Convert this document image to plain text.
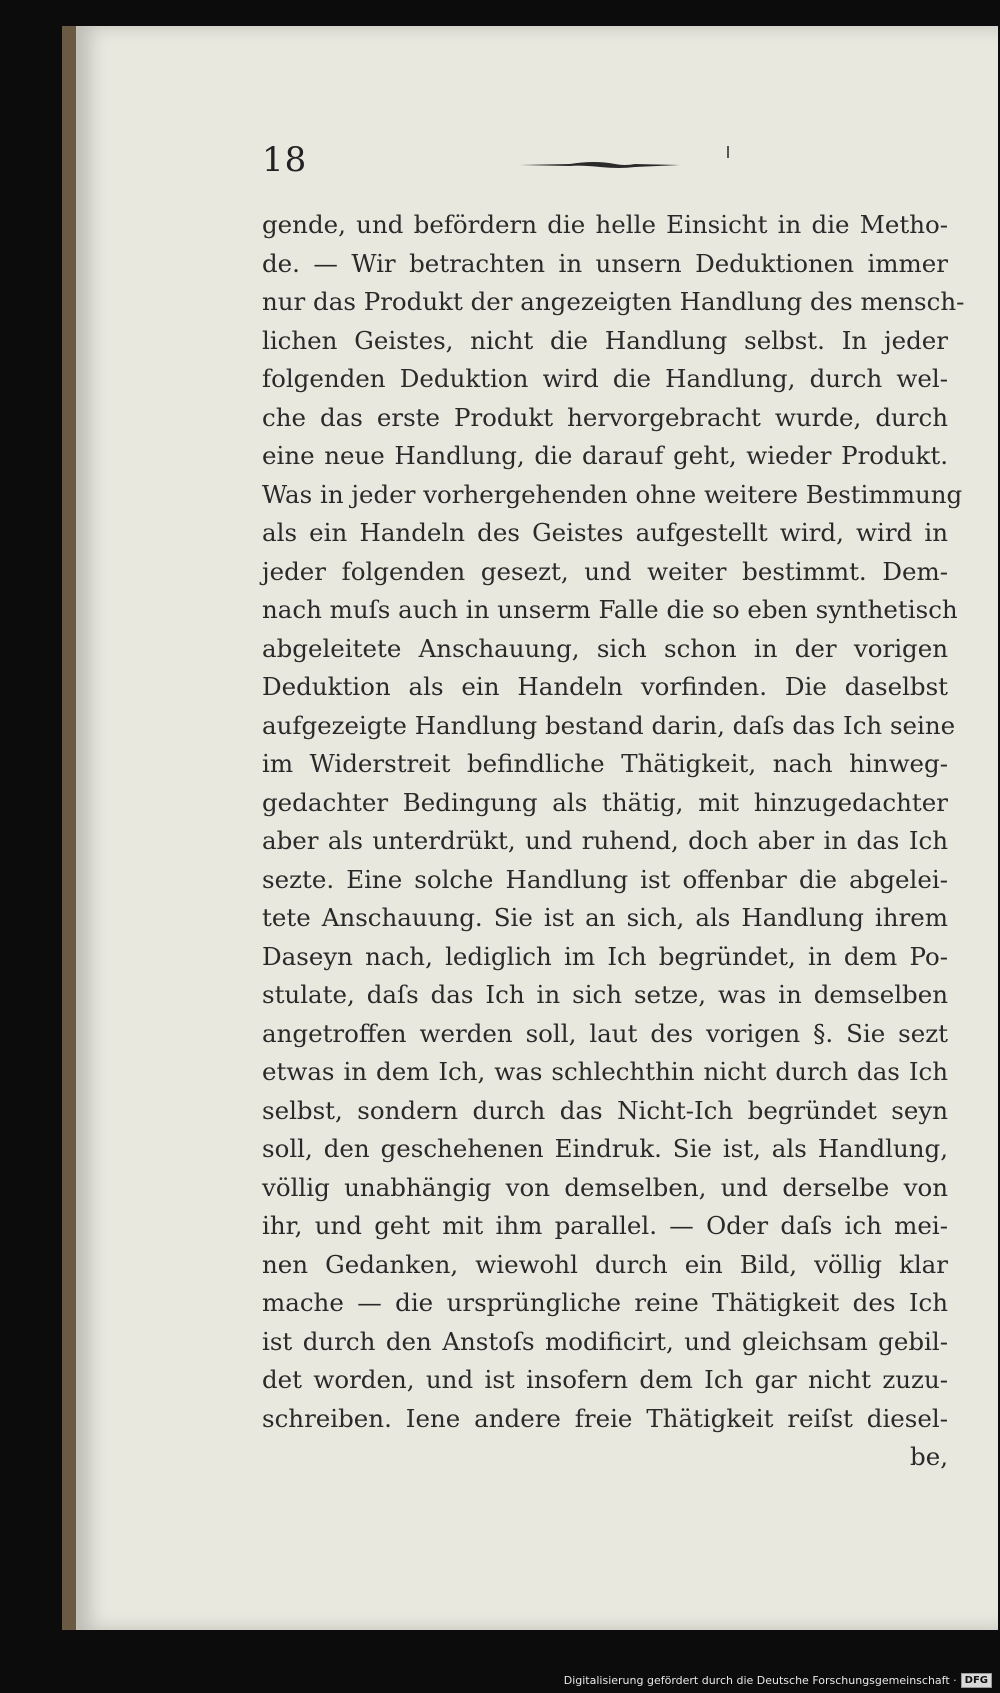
18
gende, und befördern die helle Einsicht in die Metho-
de. — Wir betrachten in unsern Deduktionen immer
nur das Produkt der angezeigten Handlung des mensch-
lichen Geistes, nicht die Handlung selbst. In jeder
folgenden Deduktion wird die Handlung, durch wel-
che das erste Produkt hervorgebracht wurde, durch
eine neue Handlung, die darauf geht, wieder Produkt.
Was in jeder vorhergehenden ohne weitere Bestimmung
als ein Handeln des Geistes aufgestellt wird, wird in
jeder folgenden gesezt, und weiter bestimmt. Dem-
nach muſs auch in unserm Falle die so eben synthetisch
abgeleitete Anschauung, sich schon in der vorigen
Deduktion als ein Handeln vorfinden. Die daselbst
aufgezeigte Handlung bestand darin, daſs das Ich seine
im Widerstreit befindliche Thätigkeit, nach hinweg-
gedachter Bedingung als thätig, mit hinzugedachter
aber als unterdrükt, und ruhend, doch aber in das Ich
sezte. Eine solche Handlung ist offenbar die abgelei-
tete Anschauung. Sie ist an sich, als Handlung ihrem
Daseyn nach, lediglich im Ich begründet, in dem Po-
stulate, daſs das Ich in sich setze, was in demselben
angetroffen werden soll, laut des vorigen §. Sie sezt
etwas in dem Ich, was schlechthin nicht durch das Ich
selbst, sondern durch das Nicht-Ich begründet seyn
soll, den geschehenen Eindruk. Sie ist, als Handlung,
völlig unabhängig von demselben, und derselbe von
ihr, und geht mit ihm parallel. — Oder daſs ich mei-
nen Gedanken, wiewohl durch ein Bild, völlig klar
mache — die ursprüngliche reine Thätigkeit des Ich
ist durch den Anstoſs modificirt, und gleichsam gebil-
det worden, und ist insofern dem Ich gar nicht zuzu-
schreiben. Iene andere freie Thätigkeit reiſst diesel-
be,
Digitalisierung gefördert durch die Deutsche Forschungsgemeinschaft · DFG
